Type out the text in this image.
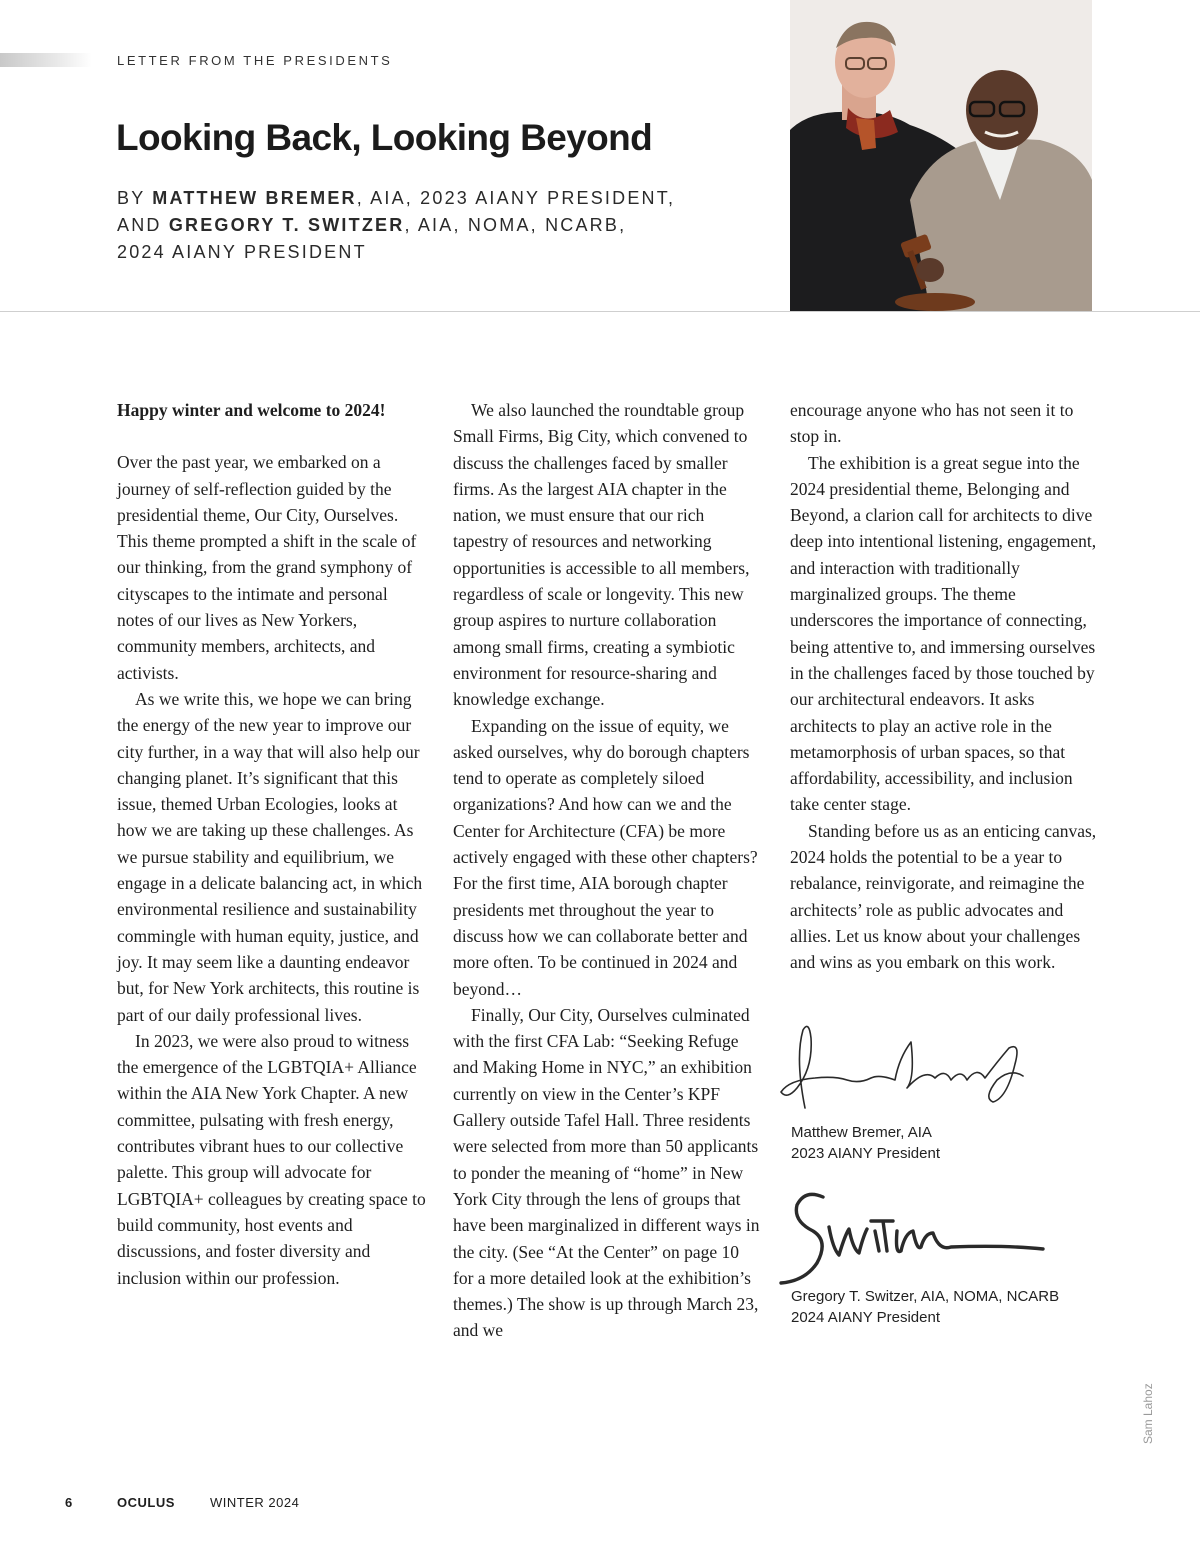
LETTER FROM THE PRESIDENTS
Looking Back, Looking Beyond
BY MATTHEW BREMER, AIA, 2023 AIANY PRESIDENT,
AND GREGORY T. SWITZER, AIA, NOMA, NCARB,
2024 AIANY PRESIDENT

Happy winter and welcome to 2024!

Over the past year, we embarked on a journey of self-reflection guided by the presidential theme, Our City, Ourselves. This theme prompted a shift in the scale of our thinking, from the grand symphony of cityscapes to the intimate and personal notes of our lives as New Yorkers, community members, architects, and activists.

As we write this, we hope we can bring the energy of the new year to improve our city further, in a way that will also help our changing planet. It’s significant that this issue, themed Urban Ecologies, looks at how we are taking up these challenges. As we pursue stability and equilibrium, we engage in a delicate balancing act, in which environmental resilience and sustainability commingle with human equity, justice, and joy. It may seem like a daunting endeavor but, for New York architects, this routine is part of our daily professional lives.

In 2023, we were also proud to witness the emergence of the LGBTQIA+ Alliance within the AIA New York Chapter. A new committee, pulsating with fresh energy, contributes vibrant hues to our collective palette. This group will advocate for LGBTQIA+ colleagues by creating space to build community, host events and discussions, and foster diversity and inclusion within our profession.

We also launched the roundtable group Small Firms, Big City, which convened to discuss the challenges faced by smaller firms. As the largest AIA chapter in the nation, we must ensure that our rich tapestry of resources and networking opportunities is accessible to all members, regardless of scale or longevity. This new group aspires to nurture collaboration among small firms, creating a symbiotic environment for resource-sharing and knowledge exchange.

Expanding on the issue of equity, we asked ourselves, why do borough chapters tend to operate as completely siloed organizations? And how can we and the Center for Architecture (CFA) be more actively engaged with these other chapters? For the first time, AIA borough chapter presidents met throughout the year to discuss how we can collaborate better and more often. To be continued in 2024 and beyond…

Finally, Our City, Ourselves culminated with the first CFA Lab: “Seeking Refuge and Making Home in NYC,” an exhibition currently on view in the Center’s KPF Gallery outside Tafel Hall. Three residents were selected from more than 50 applicants to ponder the meaning of “home” in New York City through the lens of groups that have been marginalized in different ways in the city. (See “At the Center” on page 10 for a more detailed look at the exhibition’s themes.) The show is up through March 23, and we

encourage anyone who has not seen it to stop in.

The exhibition is a great segue into the 2024 presidential theme, Belonging and Beyond, a clarion call for architects to dive deep into intentional listening, engagement, and interaction with traditionally marginalized groups. The theme underscores the importance of connecting, being attentive to, and immersing ourselves in the challenges faced by those touched by our architectural endeavors. It asks architects to play an active role in the metamorphosis of urban spaces, so that affordability, accessibility, and inclusion take center stage.

Standing before us as an enticing canvas, 2024 holds the potential to be a year to rebalance, reinvigorate, and reimagine the architects’ role as public advocates and allies. Let us know about your challenges and wins as you embark on this work.

Matthew Bremer, AIA
2023 AIANY President
Gregory T. Switzer, AIA, NOMA, NCARB
2024 AIANY President
Sam Lahoz
6	OCULUS	WINTER 2024
